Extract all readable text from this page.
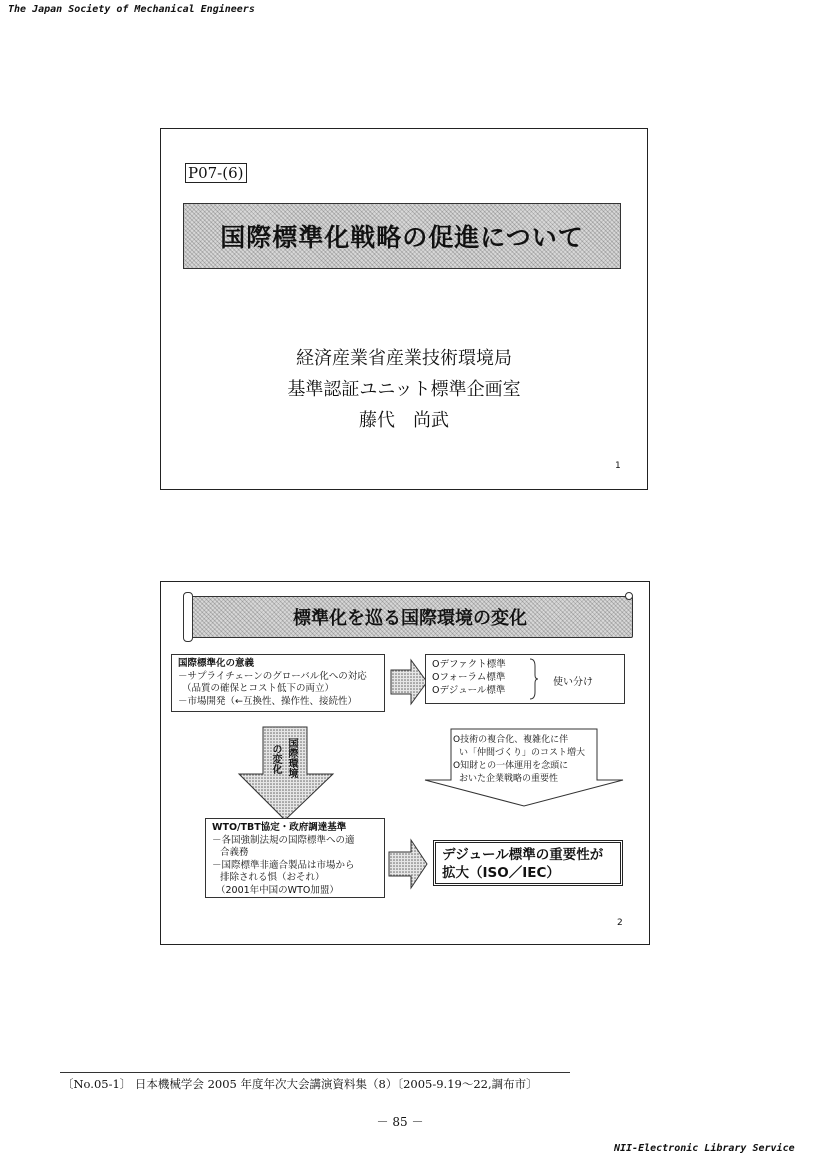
The Japan Society of Mechanical Engineers
P07-(6)
国際標準化戦略の促進について
経済産業省産業技術環境局
基準認証ユニット標準企画室
藤代　尚武
1
標準化を巡る国際環境の変化
国際標準化の意義
－サプライチェーンのグローバル化への対応
（品質の確保とコスト低下の両立）
－市場開発（←互換性、操作性、接続性）
Oデファクト標準
Oフォーラム標準
Oデジュール標準
使い分け
国際環境
の変化
O技術の複合化、複雑化に伴
い「仲間づくり」のコスト増大
O知財との一体運用を念頭に
おいた企業戦略の重要性
WTO/TBT協定・政府調達基準
－各国強制法規の国際標準への適
合義務
－国際標準非適合製品は市場から
排除される惧（おそれ）
（2001年中国のWTO加盟）
デジュール標準の重要性が
拡大（ISO／IEC）
2
〔No.05-1〕 日本機械学会 2005 年度年次大会講演資料集（8）〔2005-9.19～22,調布市〕
－ 85 －
NII-Electronic Library Service
